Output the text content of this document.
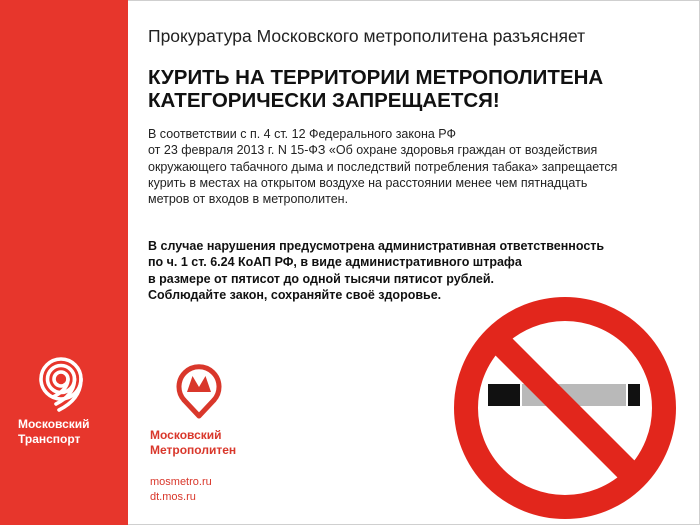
Московский
Транспорт
Прокуратура Московского метрополитена разъясняет
КУРИТЬ НА ТЕРРИТОРИИ МЕТРОПОЛИТЕНА
КАТЕГОРИЧЕСКИ ЗАПРЕЩАЕТСЯ!

В соответствии с п. 4 ст. 12 Федерального закона РФ
от 23 февраля 2013 г. N 15-ФЗ «Об охране здоровья граждан от воздействия
окружающего табачного дыма и последствий потребления табака» запрещается
курить в местах на открытом воздухе на расстоянии менее чем пятнадцать
метров от входов в метрополитен.

В случае нарушения предусмотрена административная ответственность
по ч. 1 ст. 6.24 КоАП РФ, в виде административного штрафа
в размере от пятисот до одной тысячи пятисот рублей.
Соблюдайте закон, сохраняйте своё здоровье.

Московский
Метрополитен
mosmetro.ru
dt.mos.ru
